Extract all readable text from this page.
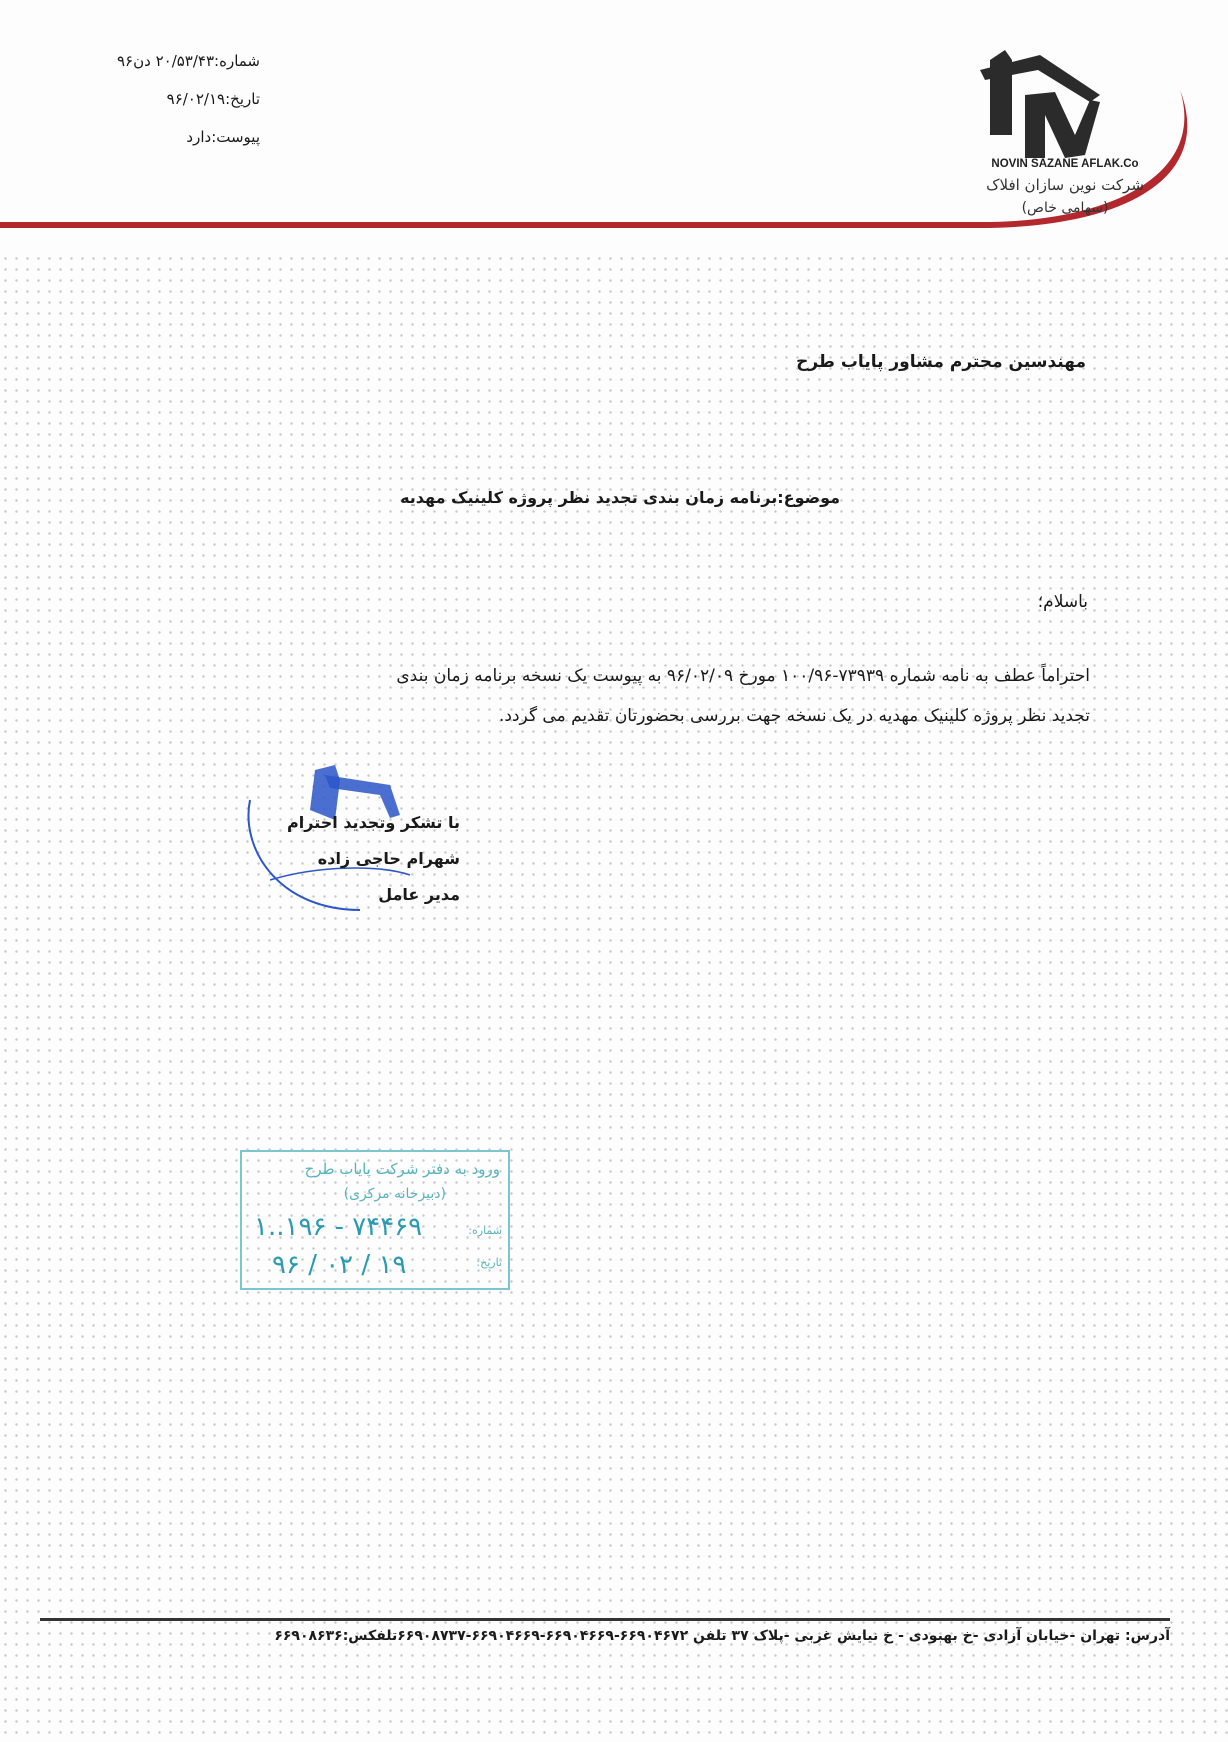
شماره:۲۰/۵۳/۴۳ دن۹۶
تاریخ:۹۶/۰۲/۱۹
پیوست:دارد
NOVIN SAZANE AFLAK.Co
شرکت نوین سازان افلاک
(سهامی خاص)
مهندسین محترم مشاور پایاب طرح
موضوع:برنامه زمان بندی تجدید نظر پروژه کلینیک مهدیه
باسلام؛
احتراماً عطف به نامه شماره ۷۳۹۳۹-۱۰۰/۹۶ مورخ ۹۶/۰۲/۰۹ به پیوست یک نسخه برنامه زمان بندی
تجدید نظر پروژه کلینیک مهدیه در یک نسخه جهت بررسی بحضورتان تقدیم می گردد.
با تشکر وتجدید احترام
شهرام حاجی زاده
مدیر عامل
ورود به دفتر شرکت پایاب طرح
(دبیرخانه مرکزی)
شماره:
تاریخ:
۱..۱۹۶ - ۷۴۴۶۹
۹۶ / ۰۲ / ۱۹
آدرس: تهران -خیابان آزادی -خ بهبودی - خ نیایش غربی -پلاک ۳۷ تلفن ۶۶۹۰۴۶۷۲-۶۶۹۰۴۶۶۹-۶۶۹۰۴۶۶۹-۶۶۹۰۸۷۳۷تلفکس:۶۶۹۰۸۶۳۶
